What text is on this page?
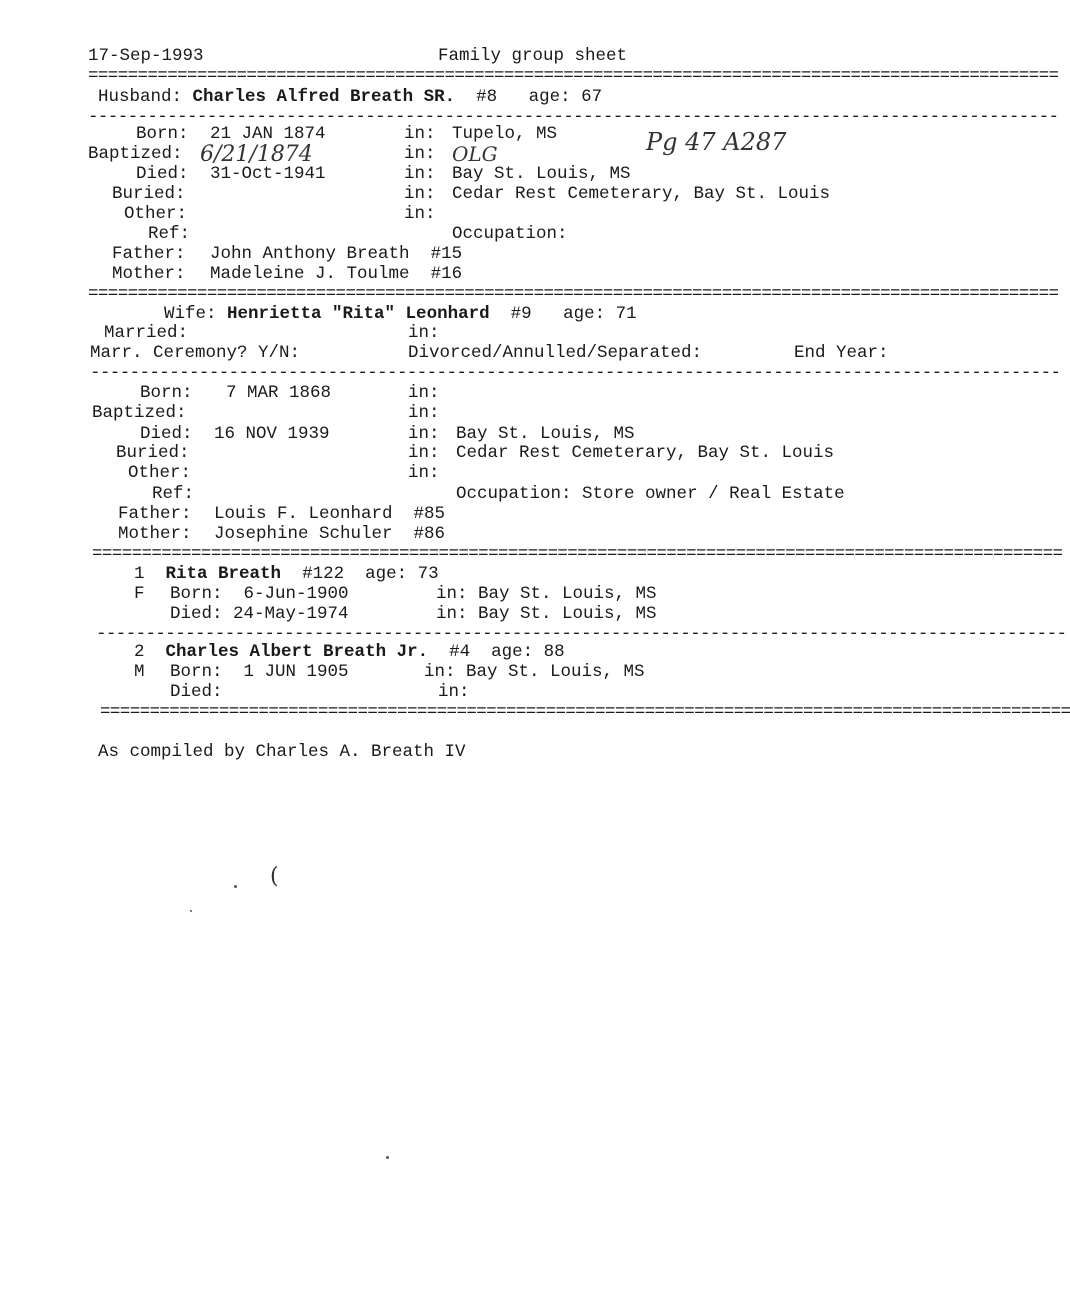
17-Sep-1993	Family group sheet
==================================================================================================
Husband: Charles Alfred Breath SR. #8 age: 67
--------------------------------------------------------------------------------------------------
Born: 21 JAN 1874	in: Tupelo, MS	Pg 47 A287
Baptized: 6/21/1874	in: OLG
Died: 31-Oct-1941	in: Bay St. Louis, MS
Buried:	in: Cedar Rest Cemeterary, Bay St. Louis
Other:	in:
Ref:	Occupation:
Father: John Anthony Breath #15
Mother: Madeleine J. Toulme #16
==================================================================================================
Wife: Henrietta "Rita" Leonhard #9 age: 71
Married:	in:
Marr. Ceremony? Y/N:	Divorced/Annulled/Separated:	End Year:
--------------------------------------------------------------------------------------------------
Born: 7 MAR 1868	in:
Baptized:	in:
Died: 16 NOV 1939	in: Bay St. Louis, MS
Buried:	in: Cedar Rest Cemeterary, Bay St. Louis
Other:	in:
Ref:	Occupation: Store owner / Real Estate
Father: Louis F. Leonhard #85
Mother: Josephine Schuler #86
==================================================================================================
1 Rita Breath #122 age: 73
F Born: 6-Jun-1900	in: Bay St. Louis, MS
Died: 24-May-1974	in: Bay St. Louis, MS
--------------------------------------------------------------------------------------------------
2 Charles Albert Breath Jr. #4 age: 88
M Born: 1 JUN 1905	in: Bay St. Louis, MS
Died:	in:
==================================================================================================
As compiled by Charles A. Breath IV
(
